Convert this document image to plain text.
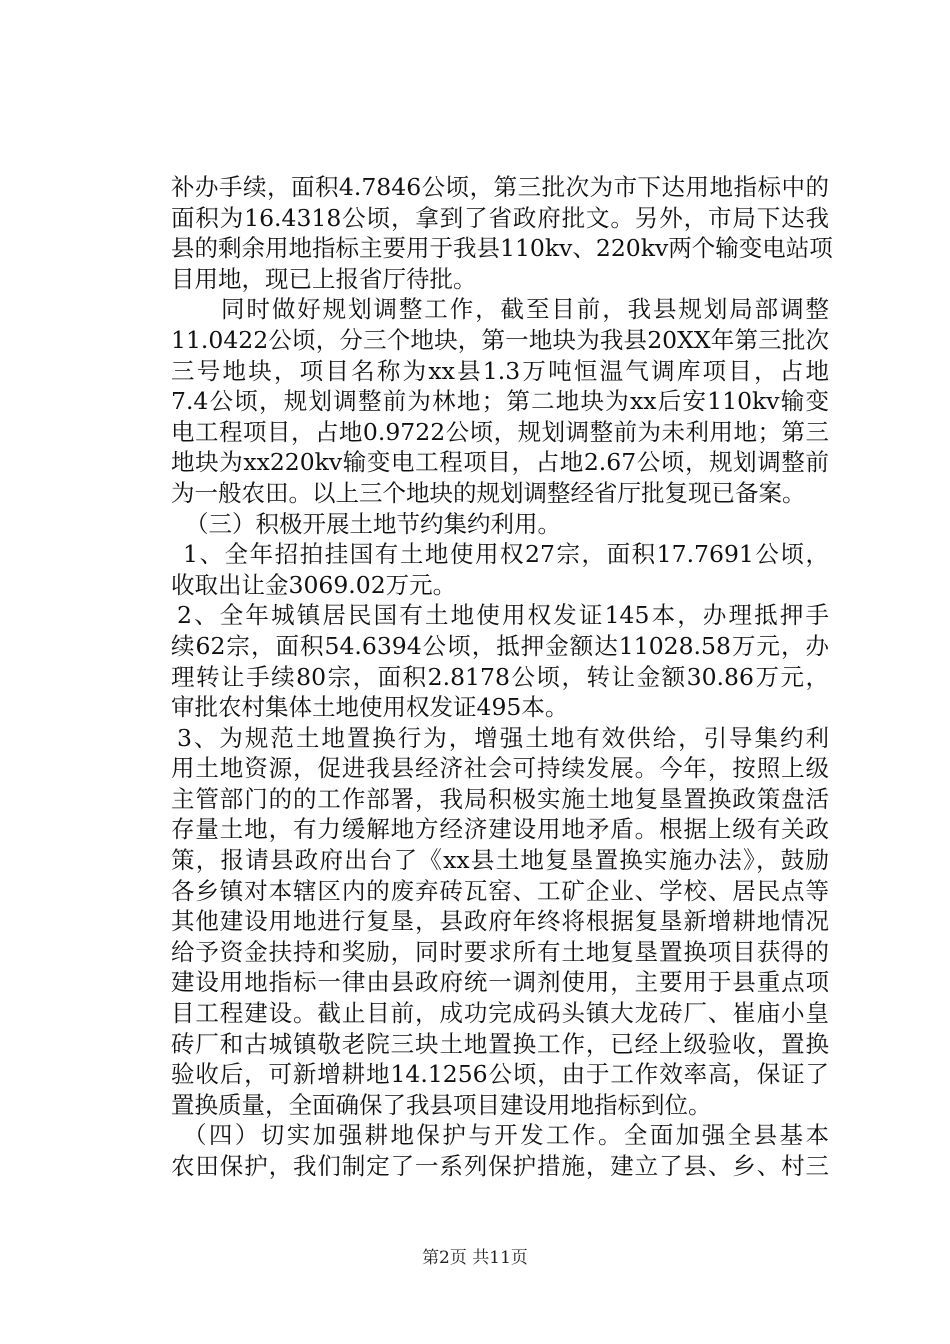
补办手续，面积4.7846公顷，第三批次为市下达用地指标中的
面积为16.4318公顷，拿到了省政府批文。另外，市局下达我
县的剩余用地指标主要用于我县110kv、220kv两个输变电站项
目用地，现已上报省厅待批。
同时做好规划调整工作，截至目前，我县规划局部调整
11.0422公顷，分三个地块，第一地块为我县20XX年第三批次
三号地块，项目名称为xx县1.3万吨恒温气调库项目，占地
7.4公顷，规划调整前为林地；第二地块为xx后安110kv输变
电工程项目，占地0.9722公顷，规划调整前为未利用地；第三
地块为xx220kv输变电工程项目，占地2.67公顷，规划调整前
为一般农田。以上三个地块的规划调整经省厅批复现已备案。
（三）积极开展土地节约集约利用。
1、全年招拍挂国有土地使用权27宗，面积17.7691公顷，
收取出让金3069.02万元。
2、全年城镇居民国有土地使用权发证145本，办理抵押手
续62宗，面积54.6394公顷，抵押金额达11028.58万元，办
理转让手续80宗，面积2.8178公顷，转让金额30.86万元，
审批农村集体土地使用权发证495本。
3、为规范土地置换行为，增强土地有效供给，引导集约利
用土地资源，促进我县经济社会可持续发展。今年，按照上级
主管部门的的工作部署，我局积极实施土地复垦置换政策盘活
存量土地，有力缓解地方经济建设用地矛盾。根据上级有关政
策，报请县政府出台了《xx县土地复垦置换实施办法》，鼓励
各乡镇对本辖区内的废弃砖瓦窑、工矿企业、学校、居民点等
其他建设用地进行复垦，县政府年终将根据复垦新增耕地情况
给予资金扶持和奖励，同时要求所有土地复垦置换项目获得的
建设用地指标一律由县政府统一调剂使用，主要用于县重点项
目工程建设。截止目前，成功完成码头镇大龙砖厂、崔庙小皇
砖厂和古城镇敬老院三块土地置换工作，已经上级验收，置换
验收后，可新增耕地14.1256公顷，由于工作效率高，保证了
置换质量，全面确保了我县项目建设用地指标到位。
（四）切实加强耕地保护与开发工作。全面加强全县基本
农田保护，我们制定了一系列保护措施，建立了县、乡、村三
第2页 共11页
